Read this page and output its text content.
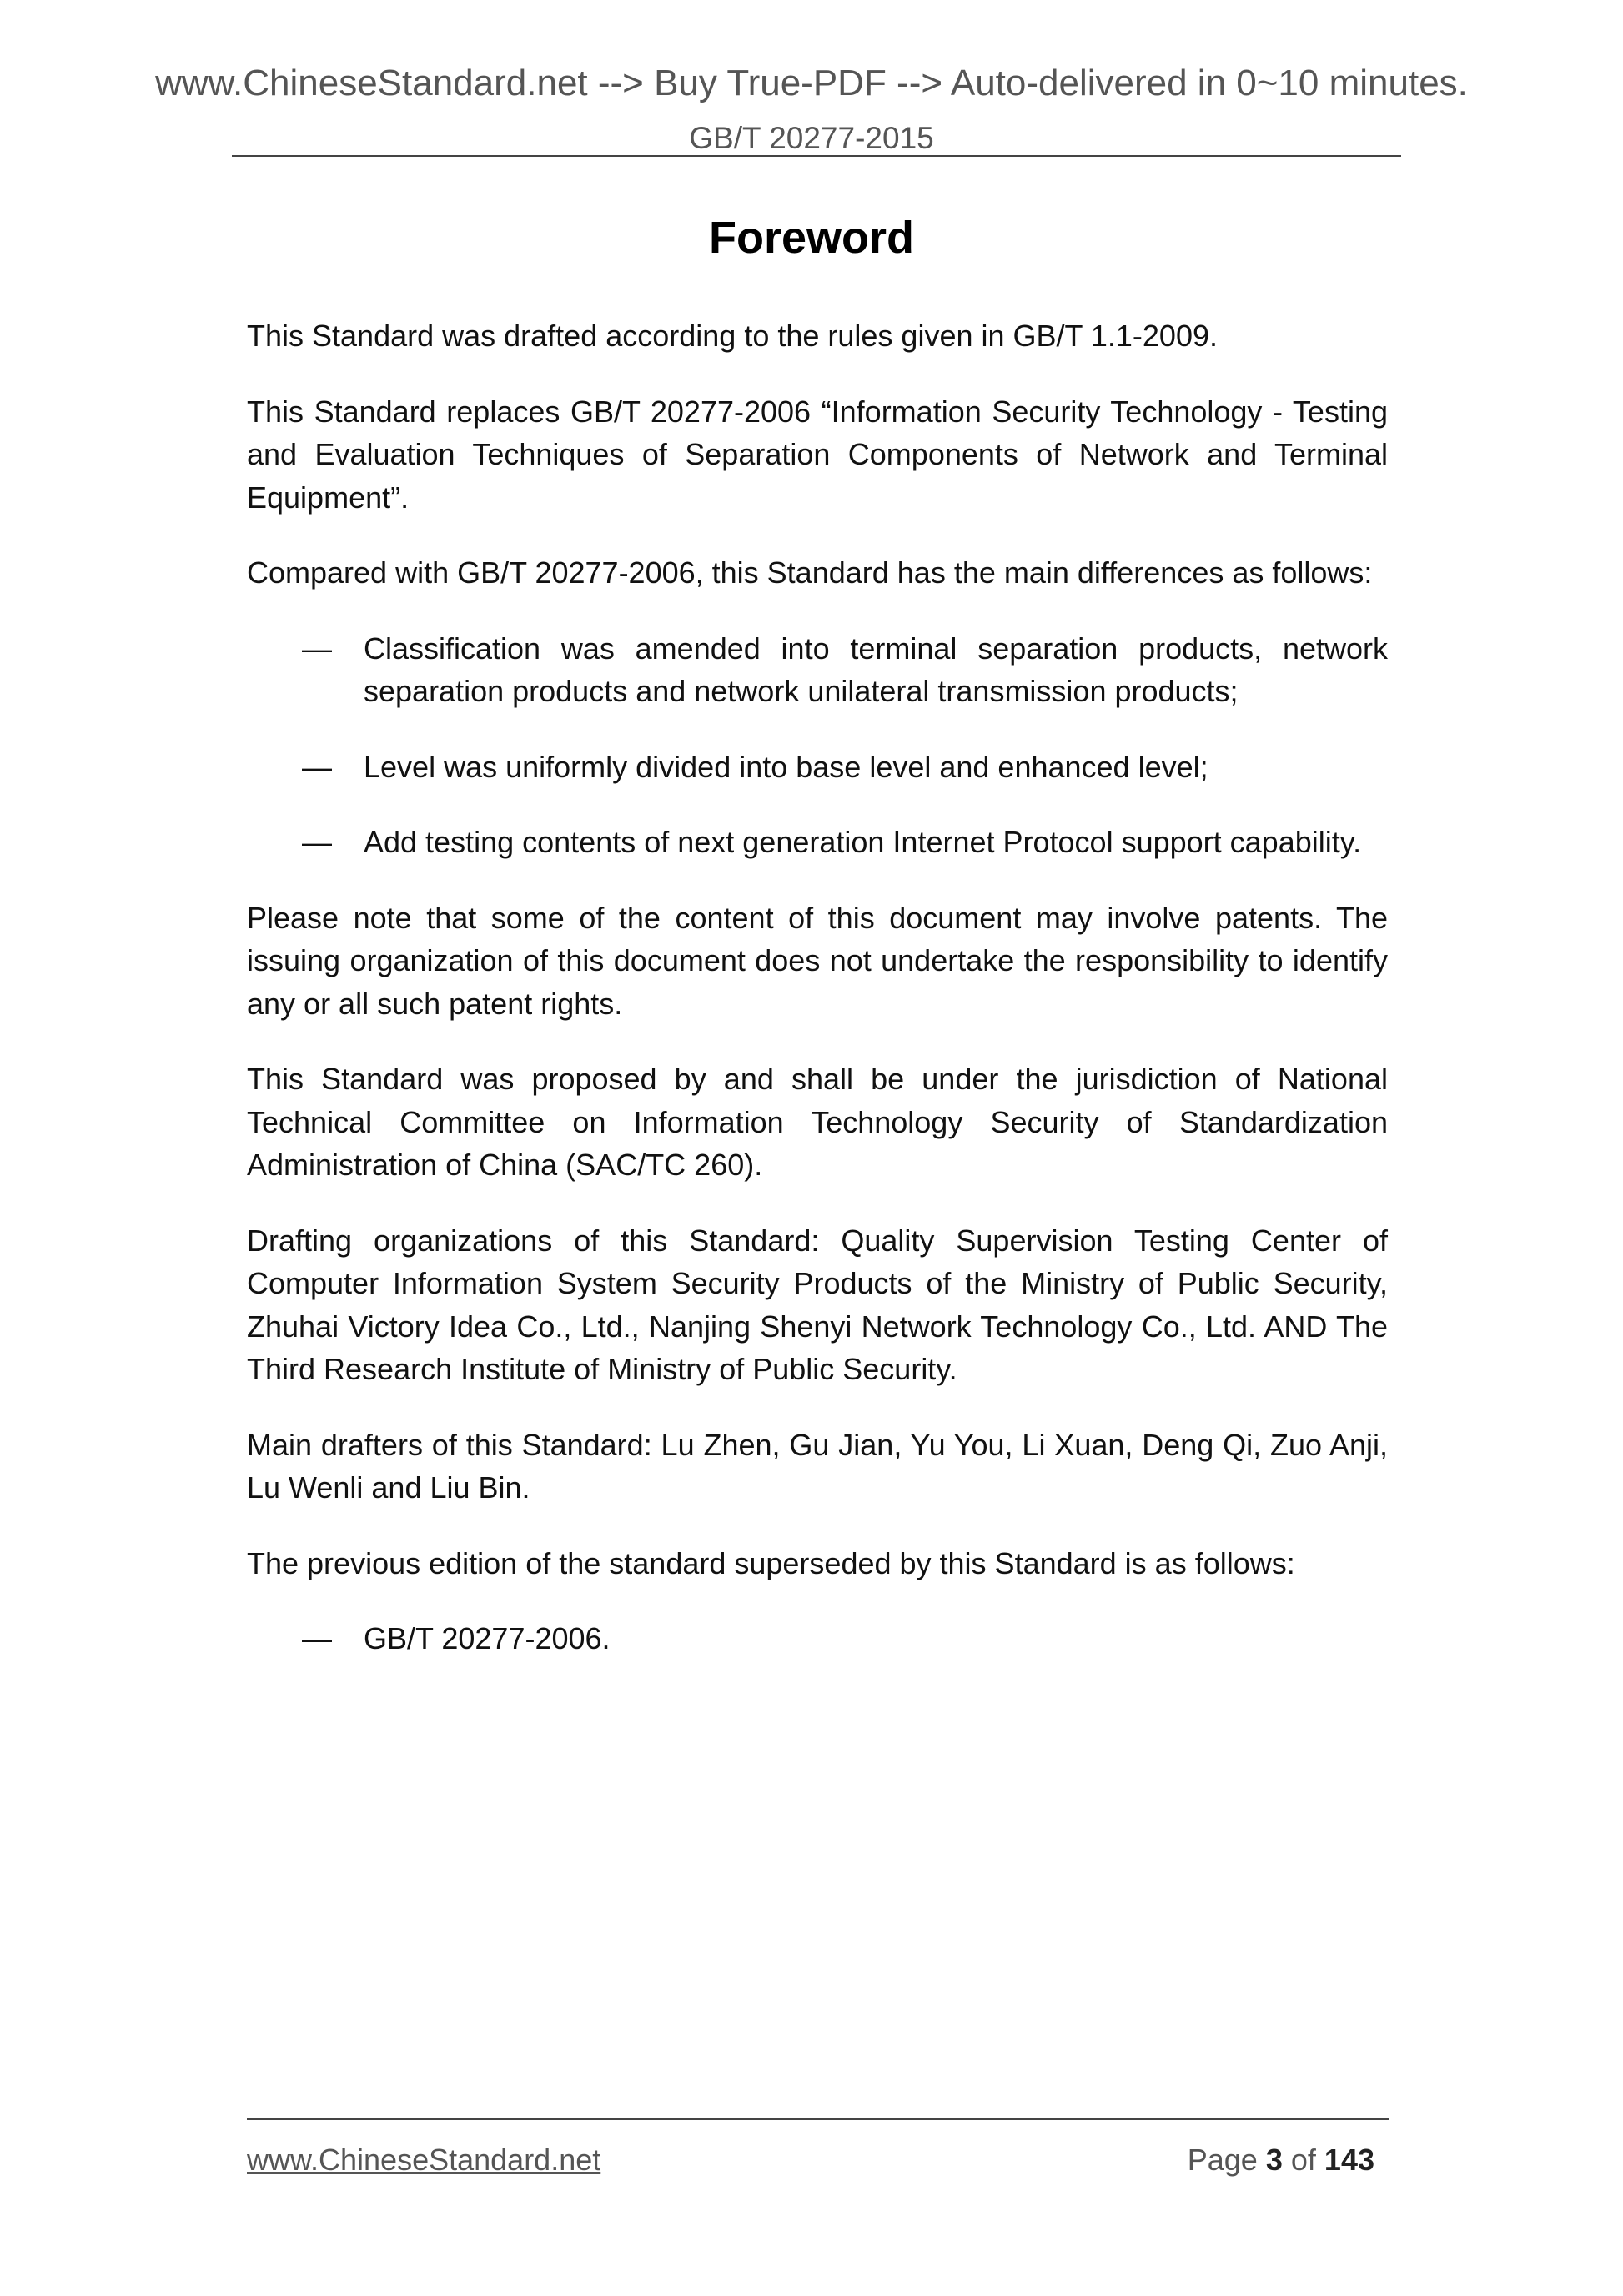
www.ChineseStandard.net --> Buy True-PDF --> Auto-delivered in 0~10 minutes.
GB/T 20277-2015
Foreword

This Standard was drafted according to the rules given in GB/T 1.1-2009.

This Standard replaces GB/T 20277-2006 “Information Security Technology - Testing and Evaluation Techniques of Separation Components of Network and Terminal Equipment”.

Compared with GB/T 20277-2006, this Standard has the main differences as follows:

— Classification was amended into terminal separation products, network separation products and network unilateral transmission products;
— Level was uniformly divided into base level and enhanced level;
— Add testing contents of next generation Internet Protocol support capability.

Please note that some of the content of this document may involve patents. The issuing organization of this document does not undertake the responsibility to identify any or all such patent rights.

This Standard was proposed by and shall be under the jurisdiction of National Technical Committee on Information Technology Security of Standardization Administration of China (SAC/TC 260).

Drafting organizations of this Standard: Quality Supervision Testing Center of Computer Information System Security Products of the Ministry of Public Security, Zhuhai Victory Idea Co., Ltd., Nanjing Shenyi Network Technology Co., Ltd. AND The Third Research Institute of Ministry of Public Security.

Main drafters of this Standard: Lu Zhen, Gu Jian, Yu You, Li Xuan, Deng Qi, Zuo Anji, Lu Wenli and Liu Bin.

The previous edition of the standard superseded by this Standard is as follows:

— GB/T 20277-2006.
www.ChineseStandard.net	Page 3 of 143
